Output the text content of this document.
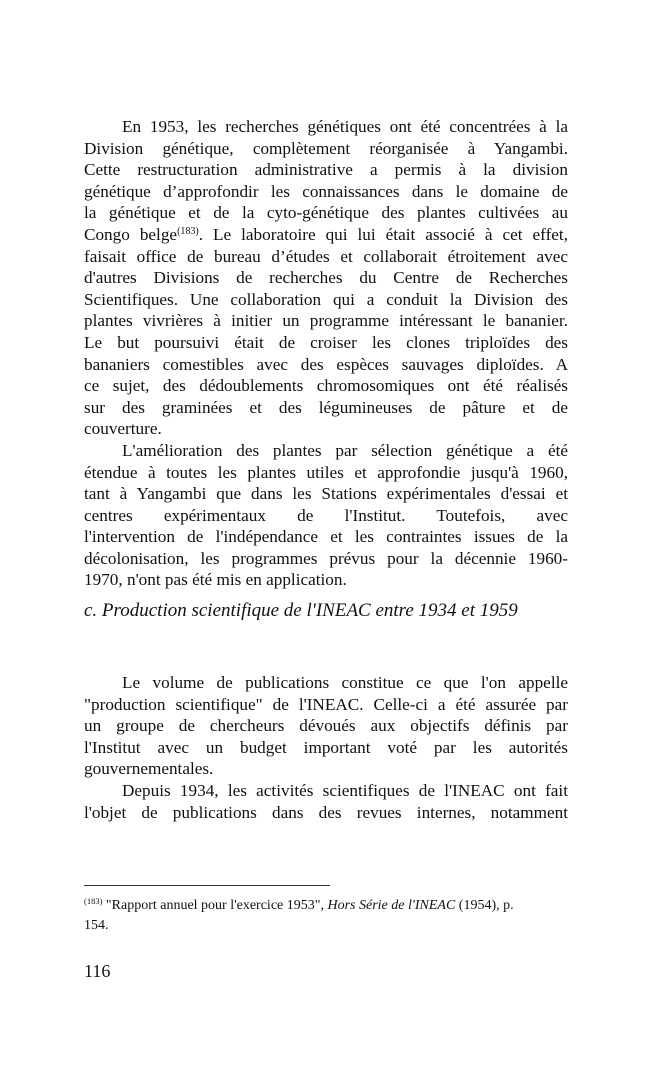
En 1953, les recherches génétiques ont été concentrées à la
Division génétique, complètement réorganisée à Yangambi.
Cette restructuration administrative a permis à la division
génétique d’approfondir les connaissances dans le domaine de
la génétique et de la cyto-génétique des plantes cultivées au
Congo belge$^{(183)}$. Le laboratoire qui lui était associé à cet effet,
faisait office de bureau d’études et collaborait étroitement avec
d'autres Divisions de recherches du Centre de Recherches
Scientifiques. Une collaboration qui a conduit la Division des
plantes vivrières à initier un programme intéressant le bananier.
Le but poursuivi était de croiser les clones triploïdes des
bananiers comestibles avec des espèces sauvages diploïdes. A
ce sujet, des dédoublements chromosomiques ont été réalisés
sur des graminées et des légumineuses de pâture et de
couverture.
L'amélioration des plantes par sélection génétique a été
étendue à toutes les plantes utiles et approfondie jusqu'à 1960,
tant à Yangambi que dans les Stations expérimentales d'essai et
centres expérimentaux de l'Institut. Toutefois, avec
l'intervention de l'indépendance et les contraintes issues de la
décolonisation, les programmes prévus pour la décennie 1960-
1970, n'ont pas été mis en application.
c. Production scientifique de l'INEAC entre 1934 et 1959
Le volume de publications constitue ce que l'on appelle
"production scientifique" de l'INEAC. Celle-ci a été assurée par
un groupe de chercheurs dévoués aux objectifs définis par
l'Institut avec un budget important voté par les autorités
gouvernementales.
Depuis 1934, les activités scientifiques de l'INEAC ont fait
l'objet de publications dans des revues internes, notamment
$^{(183)}$ "Rapport annuel pour l'exercice 1953", Hors Série de l'INEAC (1954), p.
154.
116
